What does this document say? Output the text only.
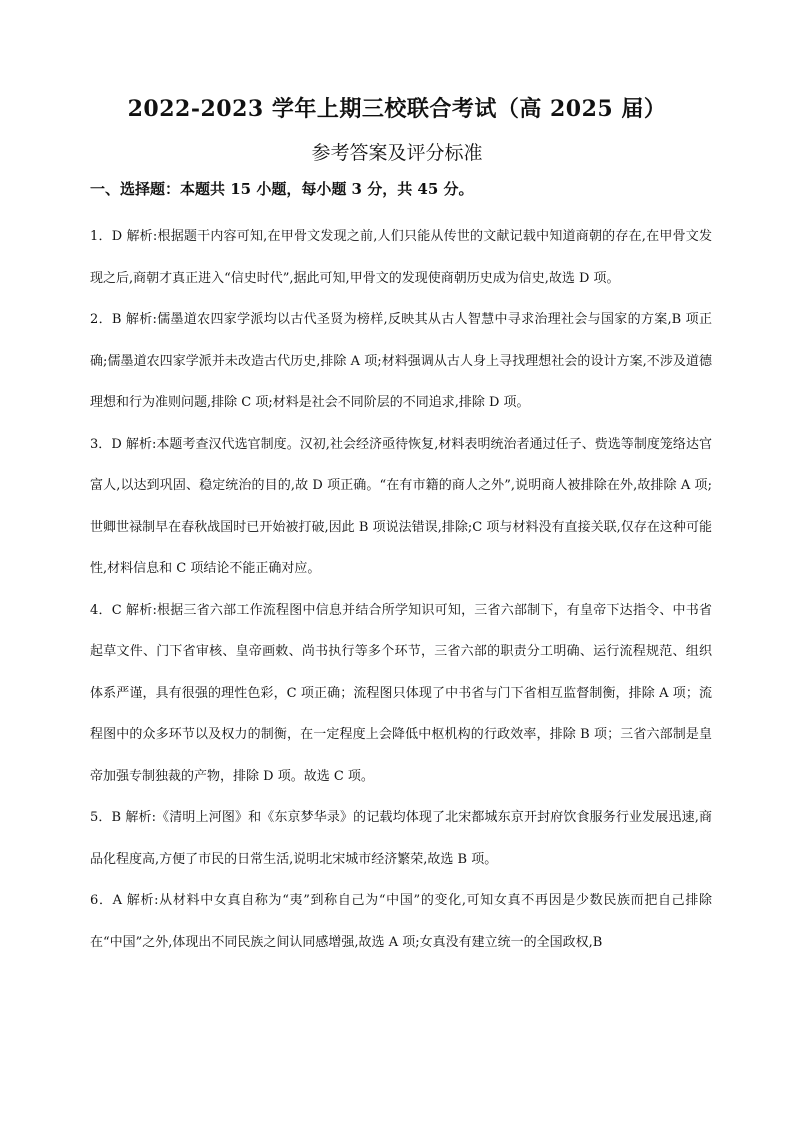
2022-2023 学年上期三校联合考试（高 2025 届）
参考答案及评分标准
一、选择题：本题共 15 小题，每小题 3 分，共 45 分。

1．D 解析:根据题干内容可知,在甲骨文发现之前,人们只能从传世的文献记载中知道商朝的存在,在甲骨文发现之后,商朝才真正进入“信史时代”,据此可知,甲骨文的发现使商朝历史成为信史,故选 D 项。

2．B 解析:儒墨道农四家学派均以古代圣贤为榜样,反映其从古人智慧中寻求治理社会与国家的方案,B 项正确;儒墨道农四家学派并未改造古代历史,排除 A 项;材料强调从古人身上寻找理想社会的设计方案,不涉及道德理想和行为准则问题,排除 C 项;材料是社会不同阶层的不同追求,排除 D 项。

3．D 解析:本题考查汉代选官制度。汉初,社会经济亟待恢复,材料表明统治者通过任子、赀选等制度笼络达官富人,以达到巩固、稳定统治的目的,故 D 项正确。“在有市籍的商人之外”,说明商人被排除在外,故排除 A 项;世卿世禄制早在春秋战国时已开始被打破,因此 B 项说法错误,排除;C 项与材料没有直接关联,仅存在这种可能性,材料信息和 C 项结论不能正确对应。

4．C 解析:根据三省六部工作流程图中信息并结合所学知识可知，三省六部制下，有皇帝下达指令、中书省起草文件、门下省审核、皇帝画敕、尚书执行等多个环节，三省六部的职责分工明确、运行流程规范、组织体系严谨，具有很强的理性色彩，C 项正确；流程图只体现了中书省与门下省相互监督制衡，排除 A 项；流程图中的众多环节以及权力的制衡，在一定程度上会降低中枢机构的行政效率，排除 B 项；三省六部制是皇帝加强专制独裁的产物，排除 D 项。故选 C 项。

5．B 解析:《清明上河图》和《东京梦华录》的记载均体现了北宋都城东京开封府饮食服务行业发展迅速,商品化程度高,方便了市民的日常生活,说明北宋城市经济繁荣,故选 B 项。

6．A 解析:从材料中女真自称为“夷”到称自己为“中国”的变化,可知女真不再因是少数民族而把自己排除在“中国”之外,体现出不同民族之间认同感增强,故选 A 项;女真没有建立统一的全国政权,B
